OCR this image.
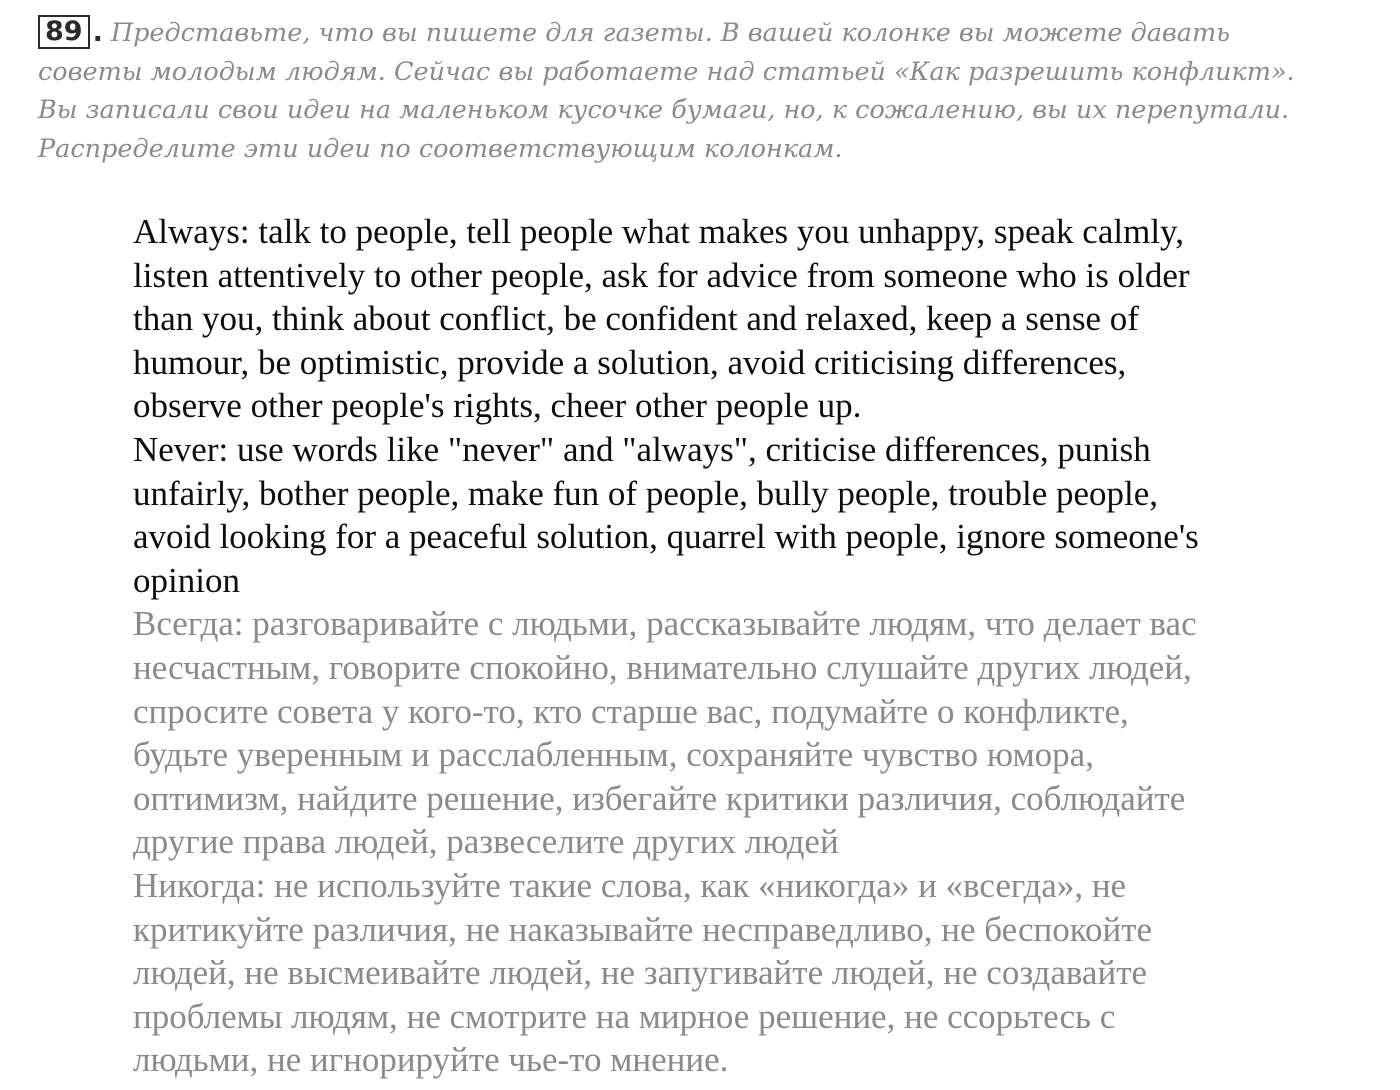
89 . Представьте, что вы пишете для газеты. В вашей колонке вы можете давать
советы молодым людям. Сейчас вы работаете над статьей «Как разрешить конфликт».
Вы записали свои идеи на маленьком кусочке бумаги, но, к сожалению, вы их перепутали.
Распределите эти идеи по соответствующим колонкам.
Always: talk to people, tell people what makes you unhappy, speak calmly,
listen attentively to other people, ask for advice from someone who is older
than you, think about conflict, be confident and relaxed, keep a sense of
humour, be optimistic, provide a solution, avoid criticising differences,
observe other people's rights, cheer other people up.
Never: use words like "never" and "always", criticise differences, punish
unfairly, bother people, make fun of people, bully people, trouble people,
avoid looking for a peaceful solution, quarrel with people, ignore someone's
opinion
Всегда: разговаривайте с людьми, рассказывайте людям, что делает вас
несчастным, говорите спокойно, внимательно слушайте других людей,
спросите совета у кого-то, кто старше вас, подумайте о конфликте,
будьте уверенным и расслабленным, сохраняйте чувство юмора,
оптимизм, найдите решение, избегайте критики различия, соблюдайте
другие права людей, развеселите других людей
Никогда: не используйте такие слова, как «никогда» и «всегда», не
критикуйте различия, не наказывайте несправедливо, не беспокойте
людей, не высмеивайте людей, не запугивайте людей, не создавайте
проблемы людям, не смотрите на мирное решение, не ссорьтесь с
людьми, не игнорируйте чье-то мнение.
